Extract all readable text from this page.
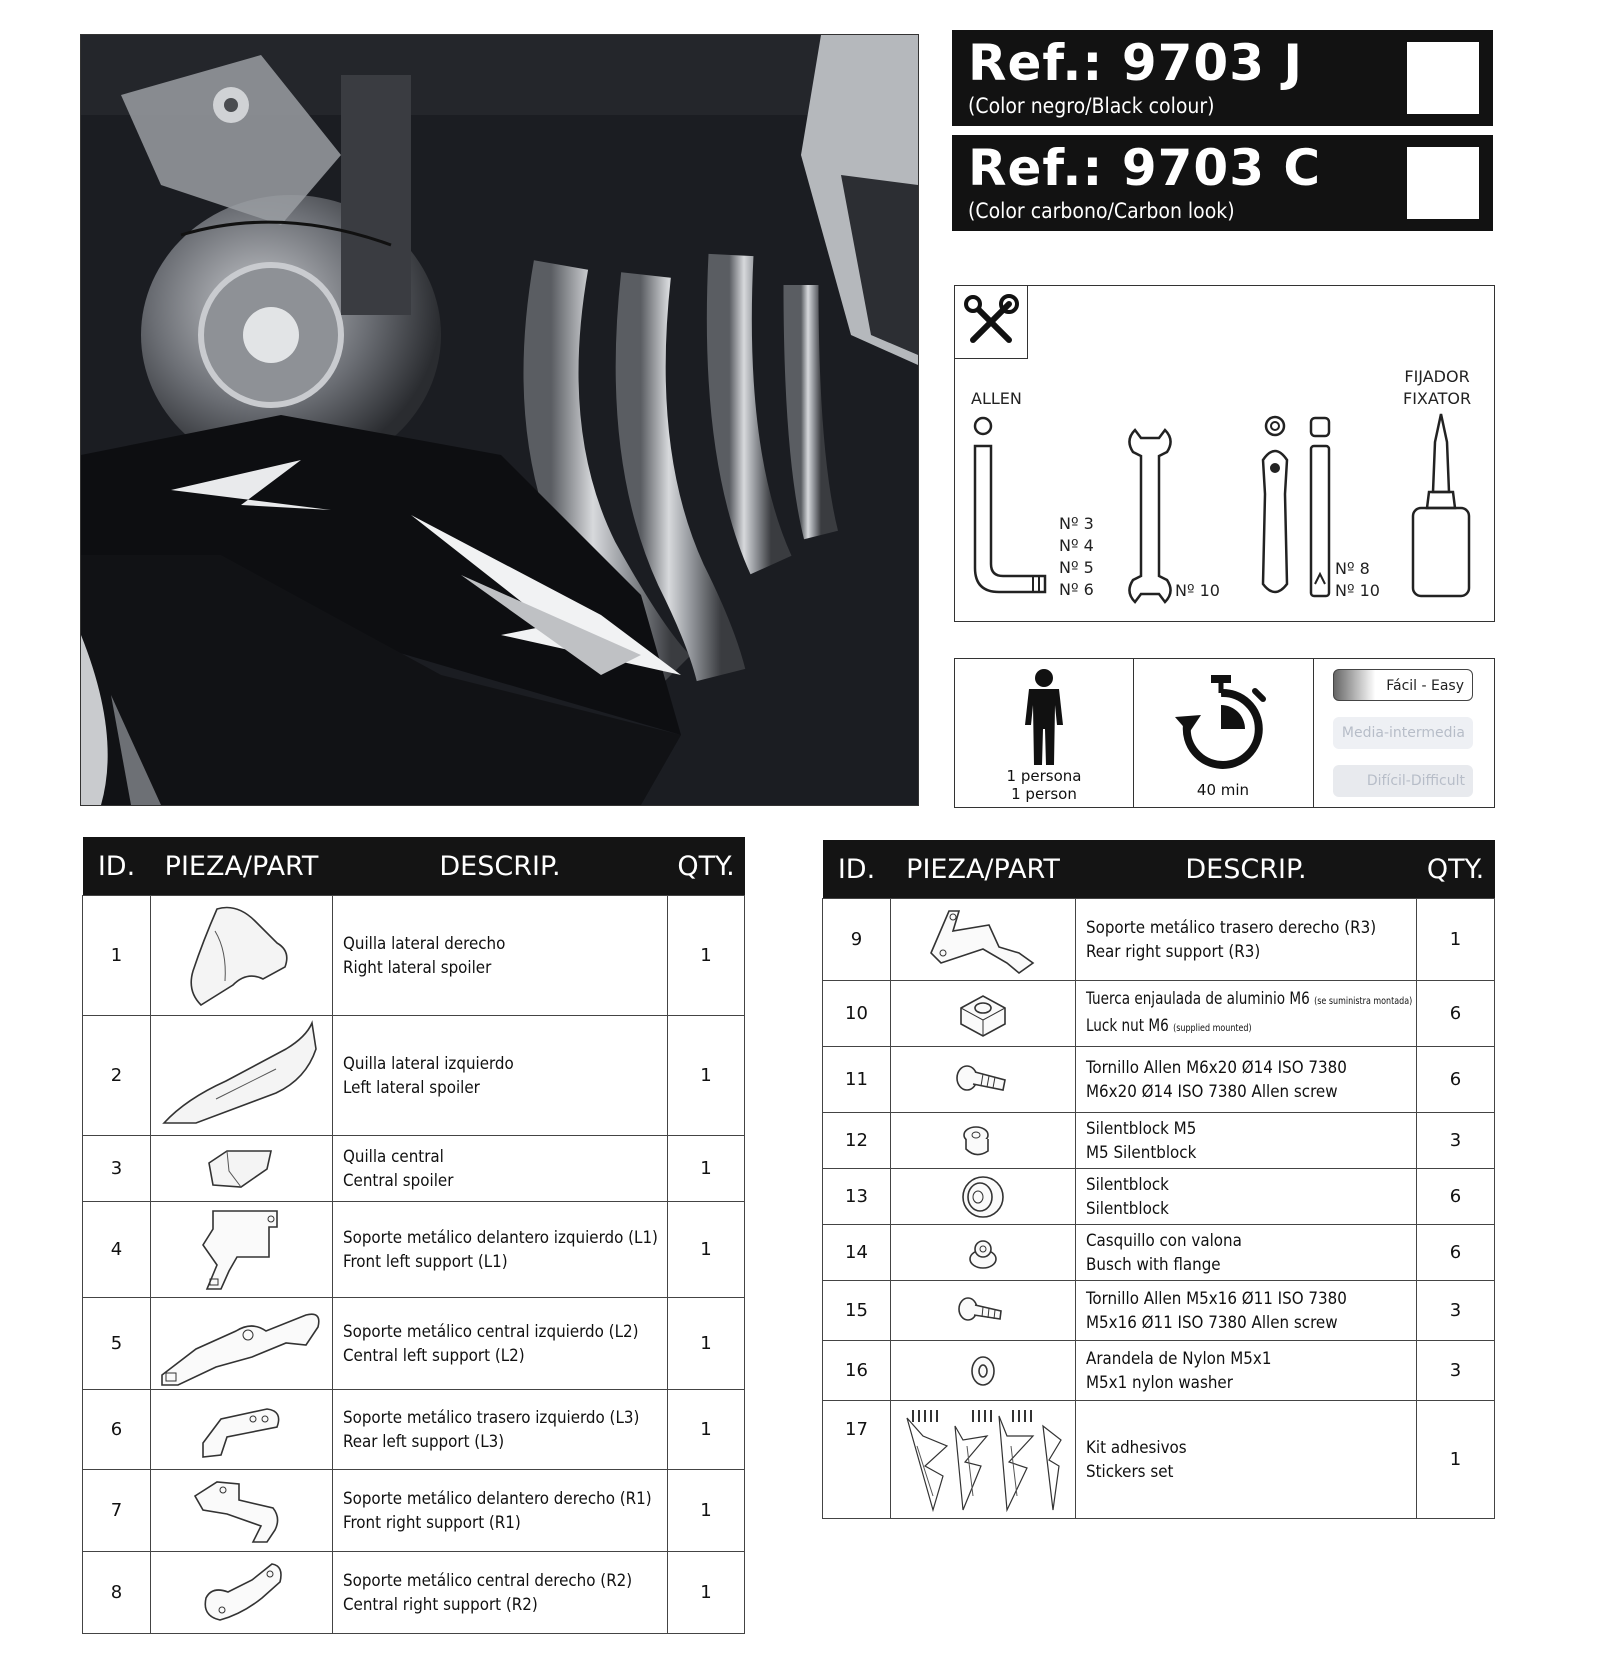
Ref.: 9703 J
(Color negro/Black colour)
Ref.: 9703 C
(Color carbono/Carbon look)
ALLEN
Nº 3
Nº 4
Nº 5
Nº 6	Nº 10
Nº 8
Nº 10
FIJADOR
FIXATOR
1 persona
1 person	40 min
Fácil - Easy
Media-intermedia
Difícil-Difficult
ID.	PIEZA/PART	DESCRIP.	QTY.
1		Quilla lateral derecho
Right lateral spoiler	1
2		Quilla lateral izquierdo
Left lateral spoiler	1
3		Quilla central
Central spoiler	1
4		Soporte metálico delantero izquierdo (L1)
Front left support (L1)	1
5		Soporte metálico central izquierdo (L2)
Central left support (L2)	1
6		Soporte metálico trasero izquierdo (L3)
Rear left support (L3)	1
7		Soporte metálico delantero derecho (R1)
Front right support (R1)	1
8		Soporte metálico central derecho (R2)
Central right support (R2)	1
ID.	PIEZA/PART	DESCRIP.	QTY.
9		Soporte metálico trasero derecho (R3)
Rear right support (R3)	1
10		Tuerca enjaulada de aluminio M6 (se suministra montada)
Luck nut M6 (supplied mounted)	6
11		Tornillo Allen M6x20 Ø14 ISO 7380
M6x20 Ø14 ISO 7380 Allen screw	6
12		Silentblock M5
M5 Silentblock	3
13		Silentblock
Silentblock	6
14		Casquillo con valona
Busch with flange	6
15		Tornillo Allen M5x16 Ø11 ISO 7380
M5x16 Ø11 ISO 7380 Allen screw	3
16		Arandela de Nylon M5x1
M5x1 nylon washer	3
17		Kit adhesivos
Stickers set	1
